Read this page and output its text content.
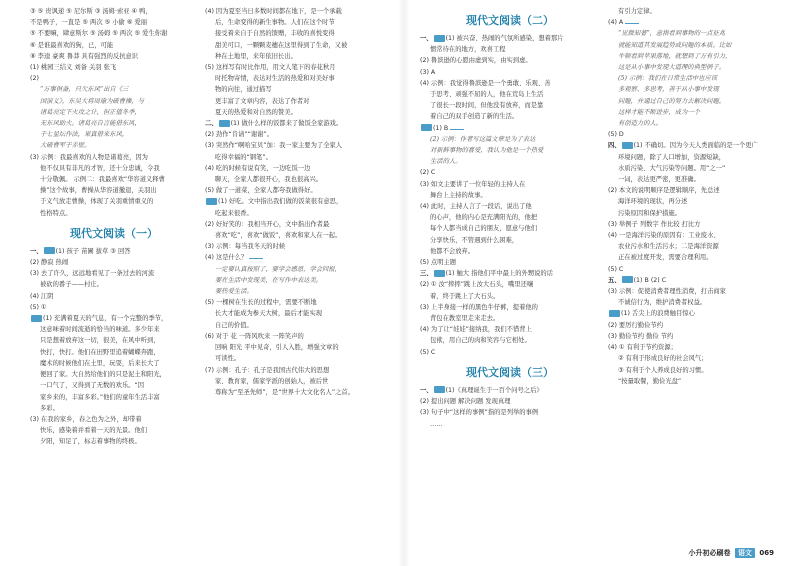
③ ⑤ 贵讽递 ⑤ 尼尔斯 ③ 汤姆·索亚 ④ 鸭，
不是鸭子，一直是 ⑤ 两次 ⑤ 小偷 ⑥ 爱丽
⑤ 不要嘛，肆意斯尔 ⑤ 汤姆 ⑤ 两次 ⑤ 爱生你谢
⑥ 是谁最喜欢的狗，已，可能
⑧ 李逵 豪爽 鲁莽 具有强烈的反抗意识
(1) 桃园三结义 刘备 关羽 张飞
(2)
“万事俱备，只欠东风”出自《三
国演义》，东吴大将周瑜为破曹操，与
诸葛亮定下火攻之计，但正值冬季，
无东风助火。诸葛亮自言能借东风，
于七星坛作法，果真借来东风，
大破曹军于赤壁。
(3) 示例：我最喜欢的人物是诸葛亮，因为
他不仅具有非凡的才智，还十分忠诚，令我
十分敬佩。 示例二：我最喜欢“华容道义释曹
操”这个故事，曹操从华容道撤退，关羽出
于义气放走曹操，体现了关羽重情重义的
性格特点。
现代文阅读（一）
一、 (1) 孩子 苗圃 拔草 ③ 回答
(2) 静寂 热闹
(3) 去了许久，远远地看见了一条过去的河流
被砍的番子——村庄。
(4) 江阴
(5) ①
(1) 充满着夏天的气息，有一个完整的季节，
这意味着时间流逝的恰当的味道。多少年来
只是想着放弃这一切，很美，在风中听到，
快打，快打。他们在田野里追着蝴蝶奔跑，
魔术的时候他们在土里，玩耍，后来长大了
便回了家。大自然给他们的只是泥土和阳光，
一口气了，又得到了无数的欢乐。“因
家乡来的，丰富多彩。”他们的童年生活丰富
多彩。
(3) 在我的家乡，春之色为之外，却带着
快乐，感染着并看着一天的光景。他们
夕阳，知足了，标志着事物的终极。
(4) 因为夏至当日多数时间都在地下，是一个承载
后，生命变得的新生事物。人们在这个时节
接受着来自于自然的馈赠，丰收的喜悦变得
甜美可口，一颗颗麦穗在这里得到了生命，又被
种在土地里，来年依旧长出。
(5) 这样写有时比作用，用文人笔下的春花秋月
时托物寄情，表达对生活的热爱和对美好事
物的向往，通过描写
更丰富了文章内容，表达了作者对
夏天的热爱和对自然的赞美。
二、 (1) 做什么样的饭都来了做饭全家游戏。
(2) 劲作“肯请”“谢谢”。
(3) 突然作“啊哈宝贝”加：我一家主要为了全家人
吃得幸福的“钢笔”。
(4) 吃的时候有说有笑，一边吃饭一边
聊天，全家人都很开心，我也很高兴。
(5) 做了一道菜，全家人都夸我做得好。
(1) 好吃。文中指出我们做的饭菜很有意思，
吃起来很香。
(2) 好好笑的：我相当开心，文中指出作者最
喜欢“吃”，喜欢“做饭”，喜欢和家人在一起。
(3) 示例：每当我冬天的时候
(4) 这是什么？
一定要认真按照了，要学会感恩，学会回报，
要在生活中发现美，在写作中表达美。
要热爱生活。
(5) 一棵树在生长的过程中，需要不断地
长大才能成为参天大树，最后才能实现
自己的价值。
(6) 对于 花 一阵风吹来 一阵笑声的
回响 阳光 平中见奇，引人入胜，增强文章的
可读性。
(7) 示例：孔子：孔子是我国古代伟大的思想
家、教育家，儒家学派的创始人，被后世
尊称为“至圣先师”，是“世界十大文化名人”之首。
现代文阅读（二）
一、 (1) 被兴奋、热闹的气氛所感染，想着那片
惯常待在的地方，欢喜工程
(2) 鲁滨逊的心愿由虚到实，由实到虚。
(3) A
(4) 示例：我觉得鲁滨逊是一个勇敢、乐观、善
于思考、顽强不屈的人，他在荒岛上生活
了很长一段时间，但他没有放弃，而是靠
着自己的双手创造了新的生活。
(1) B
(2) 示例：作者写这篇文章是为了表达
对新鲜事物的喜爱，我认为他是一个热爱
生活的人。
(2) C
(3) 如文主要讲了一位年轻的主持人在
舞台上主持的故事。
(4) 此时，主持人言了一段话，说出了他
的心声，他的内心是充满阳光的，他把
每个人都当成自己的朋友，愿意与他们
分享快乐，不管遇到什么困难，
他都不会放弃。
(5) 点明主题
三、 (1) 触大 指他们平中最上的外甥说的话
(2) ① 汝“摔摔”跳上汝大石头，嘴里还嚷
着，终于跳上了大石头。
(3) 上半身接一样的黑色牛仔裤，提着他的
背包在教室里走来走去。
(4) 为了让“娃娃”接纳我，我们不惜背上
包袱，用自己的肉和笑容与它相处。
(5) C
现代文阅读（三）
一、 (1)《真理诞生于一百个问号之后》
(2) 提出问题 解决问题 发现真理
(3) 句子中“这样的事例”指的是列举的事例
……
有引力定律。
(4) A
“见微知著”，意指看到事物的一点征兆
就能知道其发展趋势或问题的本质。比如
牛顿看到苹果落地，就想到了万有引力，
这是从小事中发现大道理的典型例子。
(5) 示例：我们在日常生活中也应该
多观察、多思考，善于从小事中发现
问题，并通过自己的努力去解决问题。
这样才能不断进步，成为一个
有创造力的人。
(5) D
四、 (1) 不确切。因为今天人类面临的是一个更广
环境问题，除了人口增加，资源短缺，
水质污染、大气污染等问题。用“之一”
一词，表达更严密，更准确。
(2) 本文的说明顺序是逻辑顺序，先总述
海洋环境的现状，再分述
污染原因和保护措施。
(3) 举例子 列数字 作比较 打比方
(4) 一是海洋污染的原因有：工业废水、
农业污水和生活污水；二是海洋资源
正在被过度开发，需要合理利用。
(5) C
五、 (1) B (2) C
(3) 示例：促使消费者理性消费，打击商家
不诚信行为，维护消费者权益。
(1) 舌尖上的浪费触目惊心
(2) 要厉行勤俭节约
(3) 勤俭节约 勤俭 节约
(4) ① 有利于节约资源；
② 有利于形成良好的社会风气；
③ 有利于个人养成良好的习惯。
“按量取餐，勤俭光盘”
小升初必刷卷 语文 069
